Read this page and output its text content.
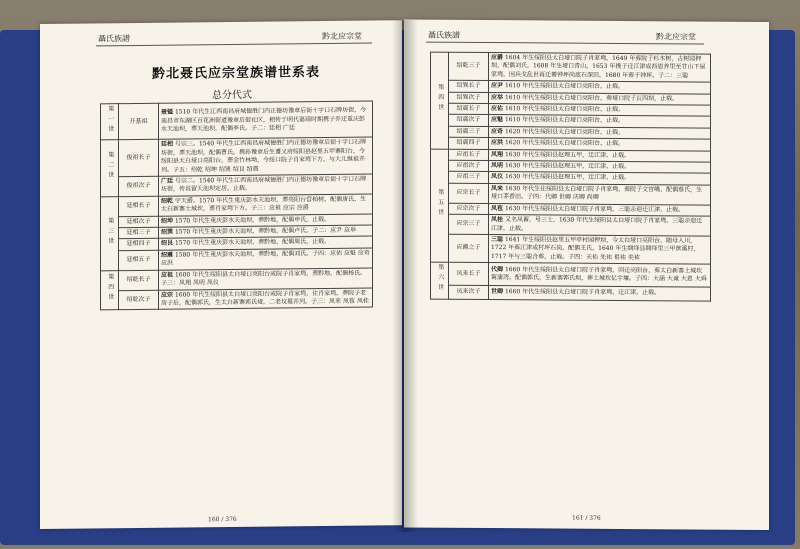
聶氏族譜	黔北应宗堂
黔北聂氏应宗堂族谱世系表
总分代式
第一世	开基祖	聂镒 1510 年代生江西南昌府城德胜门内正德坊豫章后街十字口石牌坊街，今南昌市东湖区百花洲街道豫章后街社区，相传于明代嘉靖时期携子乔迁重庆彭水天池坝，葬天池坝，配偶李氏。子二：廷相 广廷
第二世	俊祖长子	廷相 号宗三。1540 年代生江西南昌府城德胜门内正德坊豫章后街十字口石牌坊街，葬天池坝，配偶曹氏。携孙豫章后生遷又府绥阳县赵里五甲寨阳台，今绥阳县太白垭口亮阳台，葬金竹林坳，今绥口院子肖家塆下方，与大儿继祖并列。子五：绍乾 绍坤 绍巽 绍艮 绍震
	俊祖次子	广廷 号宗二。1540 年代生江西南昌府城德胜门内正德坊豫章后街十字口石牌坊街，传说留天池坝定居，止载。
第三世	廷相长子	绍乾 字天爵。1570 年代生重庆彭水天池坝，葬亮阳台营柏树，配偶唐氏，生太白新寨土城坎，葬肖家塆下方。子三：应祖 应宗 应爵
	廷相次子	绍坤 1570 年代生重庆彭水天池坝，葬黔地，配偶申氏，止载。
	廷相三子	绍巽 1570 年代生重庆彭水天池坝，葬黔地，配偶卢氏。子二：应尹 应举
	廷相四子	绍艮 1570 年代生重庆彭水天池坝，葬黔地，配偶周氏，止载。
	廷相五子	绍震 1580 年代生重庆彭水天池坝，葬黔地，配偶刘氏。子四：应佑 应魁 应奇 应洪
第四世	绍乾长子	应祖 1600 年代生绥阳县太白垭口亮阳台或院子肖家塆，葬黔地，配偶杨氏。子三：凤翔 凤明 凤仪
	绍乾次子	应宗 1600 年代生绥阳县太白垭口亮阳台或院子肖家塆，住肖家塆，葬院子老房子后，配偶郭氏，生太白新寨郭氏垭，二老坟墓并列。子三：凤来 凤苞 凤桂
160 / 376
聶氏族譜	黔北应宗堂
第四世	绍乾三子	应爵 1604 年生绥阳县太白垭口院子肖家塆，1649 年葬院子杉木树，古树园押坝，配偶刘氏，1608 年生垭口青山，1653 年携子迁江津成西恩养里至甘山下屋家塆，因兵戈乱世再迁綦钟坪尚底石深田，1680 年葬于钟坪。子二：三聪
	绍巽长子	应尹 1610 年代生绥阳县太白垭口亮阳台，止载。
	绍巽次子	应举 1610 年代生绥阳县太白垭口亮阳台，葬垭口院子瓦四坝，止载。
	绍震长子	应佑 1610 年代生绥阳县太白垭口亮阳台，止载。
	绍震次子	应魁 1610 年代生绥阳县太白垭口亮阳台，止载。
	绍震三子	应奇 1620 年代生绥阳县太白垭口亮阳台，止载。
	绍震四子	应洪 1620 年代生绥阳县太白垭口亮阳台，止载。
第五世	应祖长子	凤翔 1630 年代生绥阳县赵理五甲，迁江津，止载。
	应祖次子	凤明 1630 年代生绥阳县赵理五甲，迁江津，止载。
	应祖三子	凤仪 1630 年代生绥阳县赵理五甲，迁江津，止载。
	应宗长子	凤来 1630 年代生住绥阳县太白垭口院子肖家塆，葬院子文官嘴，配偶蔡氏，生垭口茅香田。子四：代卿 世卿 庆卿 尚卿
	应宗次子	凤苞 1630 年代生绥阳县太白垭口院子肖家塆，三聪亲迎迁江津，止载。
	应宗三子	凤桂 又名凤蓄，号三士，1630 年代生绥阳县太白垭口院子肖家塆，三聪亲迎迁江津，止载。
	应爵之子	三聪 1641 年生绥阳县赵里五甲亭村园押坝，今太白垭口亮阳台，随母入川，1722 年葬江津成村坪石岗，配偶王氏，1640 年生绸绎县绸绎里三甲黄溪村，1717 年与三聪合葬，止载。子四：天佑 先祐 祖祐 美祐
第六世	凤来长子	代卿 1660 年代生绥阳县太白垭口院子肖家塆，回迁亮阳台，葬太白新寨土城坎篱蒲湾，配偶郭氏，生新寨郭氏坝，葬土城坎亿字堰。子四：大涵 大诚 大恩 大舜
	凤来次子	世卿 1660 年代生绥阳县太白垭口院子肖家塆，迁江津，止载。
161 / 376
